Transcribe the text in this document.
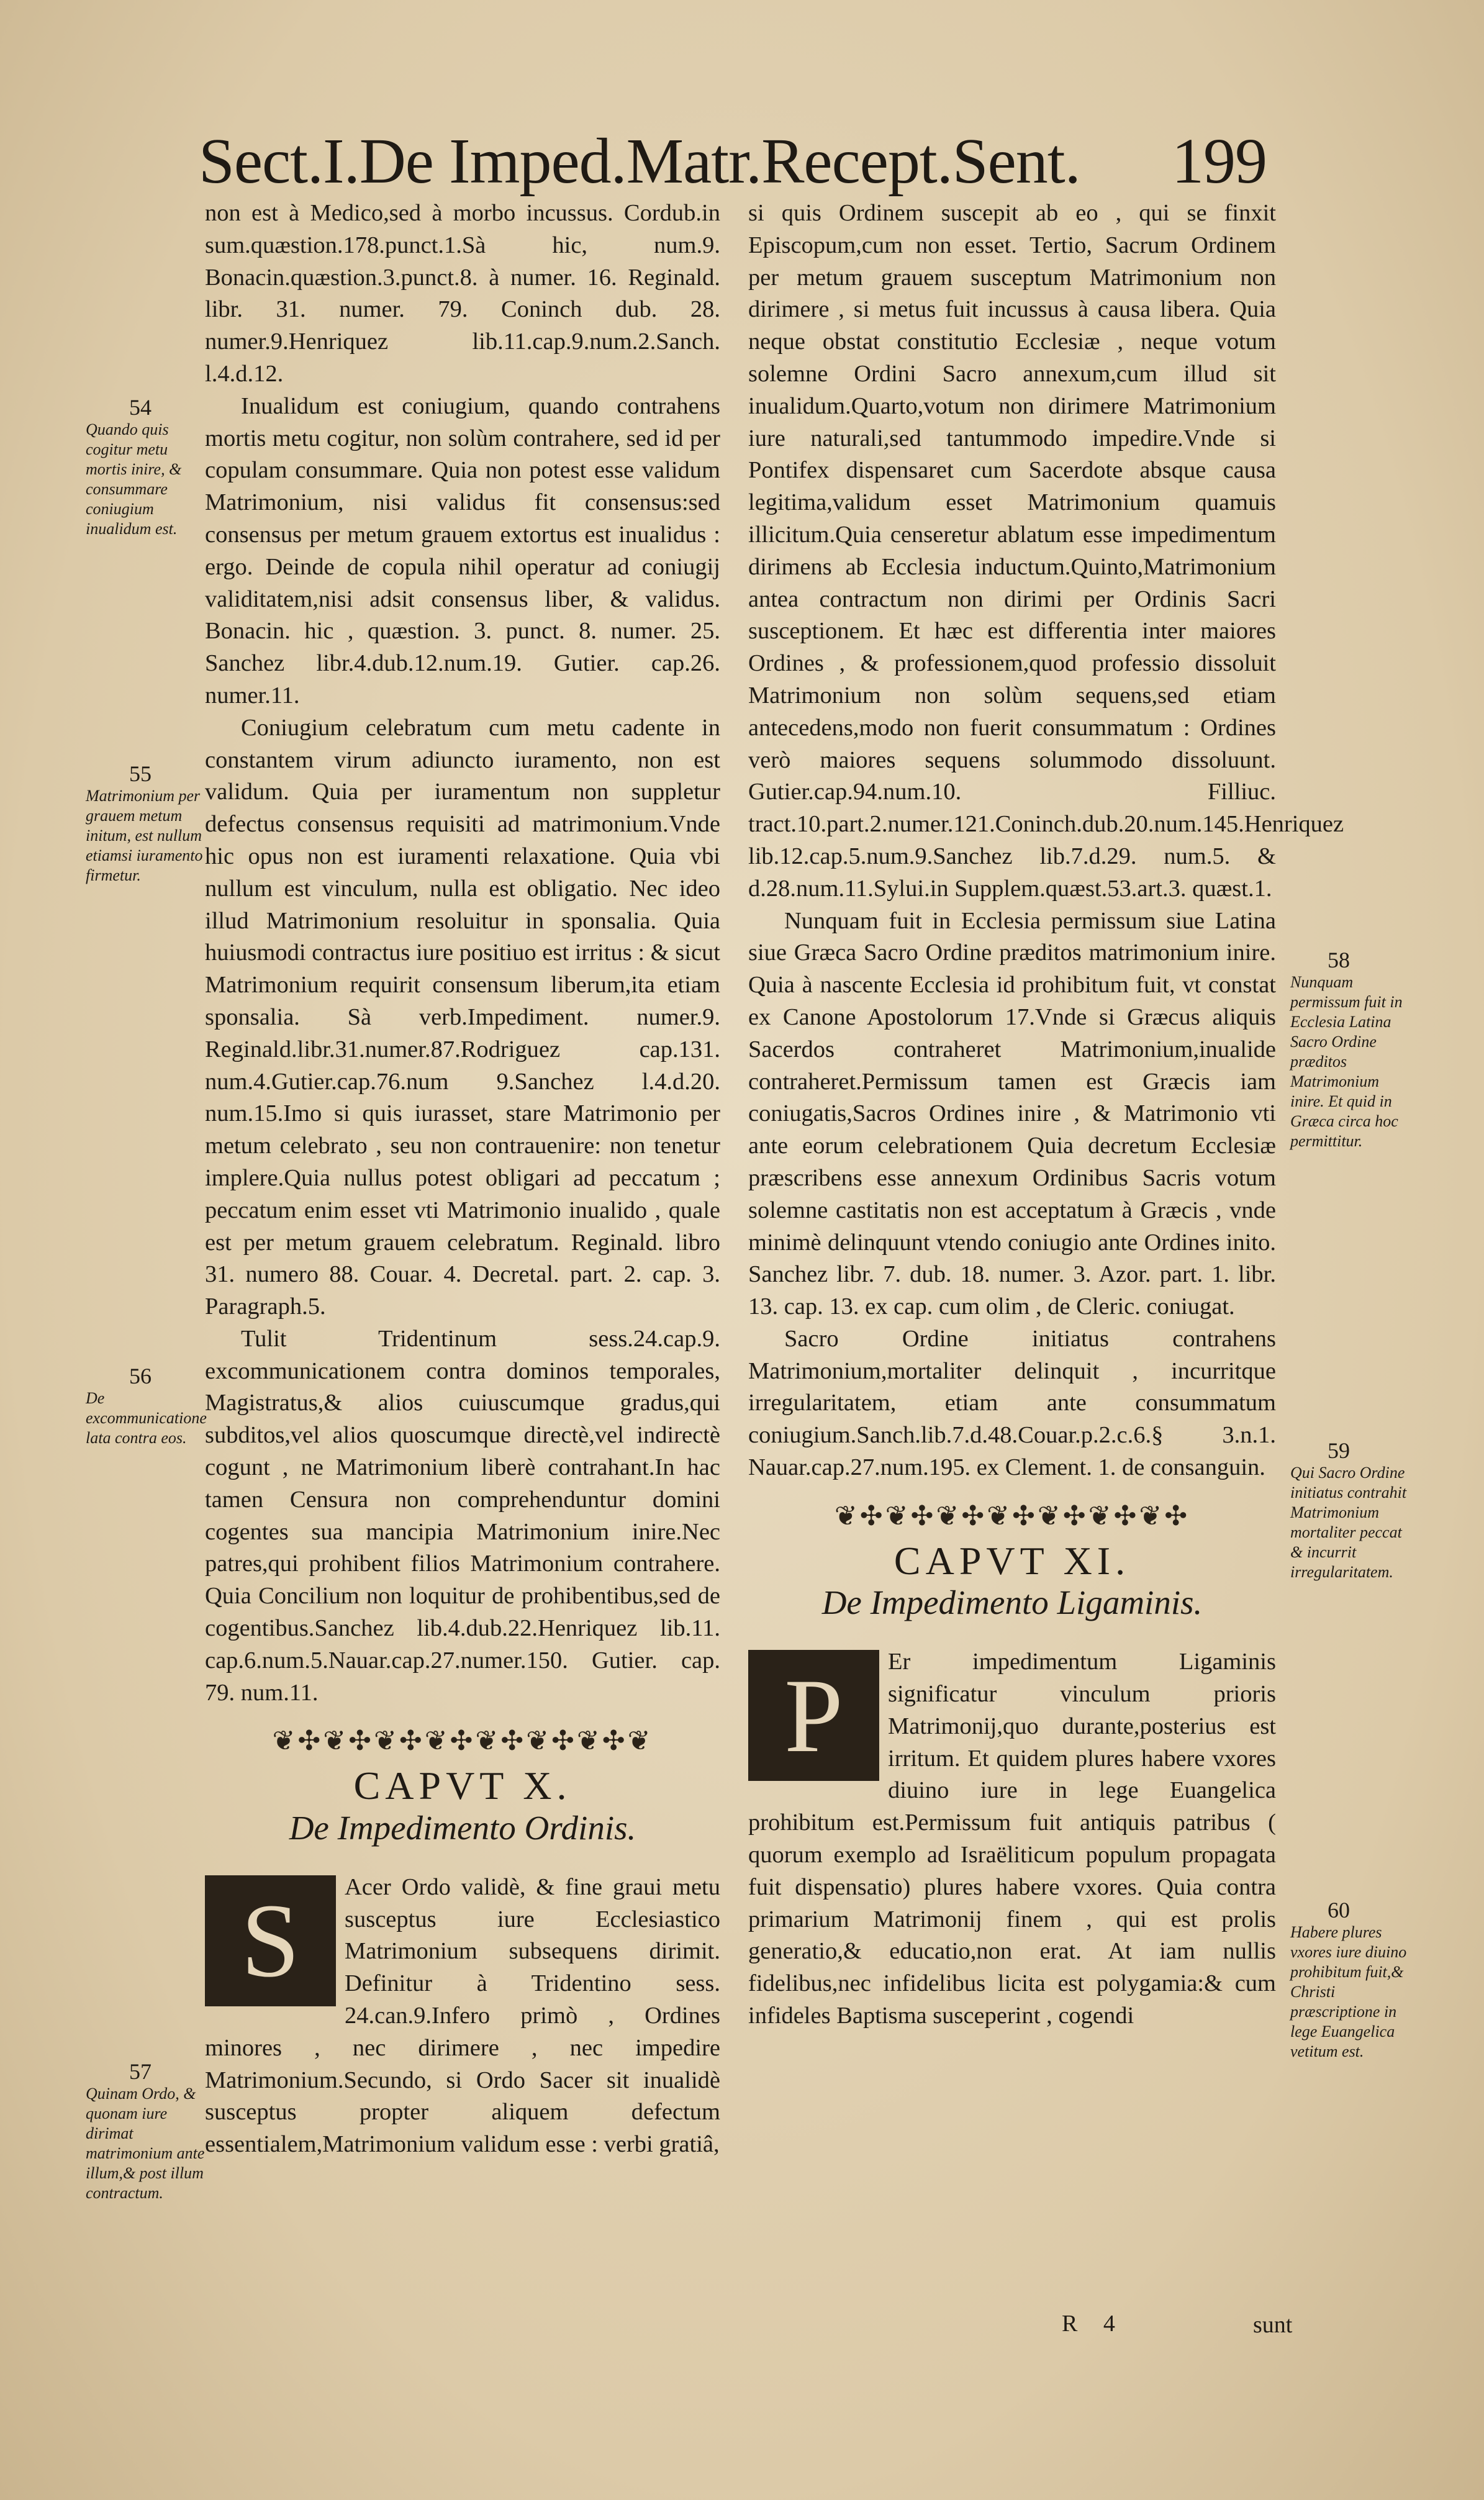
Sect.I.De Imped.Matr.Recept.Sent. 199

non est à Medico,sed à morbo incussus. Cordub.in sum.quæstion.178.punct.1.Sà hic, num.9. Bonacin.quæstion.3.punct.8. à numer. 16. Reginald. libr. 31. numer. 79. Coninch dub. 28. numer.9.Henriquez lib.11.cap.9.num.2.Sanch. l.4.d.12.

Inualidum est coniugium, quando contrahens mortis metu cogitur, non solùm contrahere, sed id per copulam consummare. Quia non potest esse validum Matrimonium, nisi validus fit consensus:sed consensus per metum grauem extortus est inualidus : ergo. Deinde de copula nihil operatur ad coniugij validitatem,nisi adsit consensus liber, & validus. Bonacin. hic , quæstion. 3. punct. 8. numer. 25. Sanchez libr.4.dub.12.num.19. Gutier. cap.26. numer.11.

Coniugium celebratum cum metu cadente in constantem virum adiuncto iuramento, non est validum. Quia per iuramentum non suppletur defectus consensus requisiti ad matrimonium.Vnde hic opus non est iuramenti relaxatione. Quia vbi nullum est vinculum, nulla est obligatio. Nec ideo illud Matrimonium resoluitur in sponsalia. Quia huiusmodi contractus iure positiuo est irritus : & sicut Matrimonium requirit consensum liberum,ita etiam sponsalia. Sà verb.Impediment. numer.9. Reginald.libr.31.numer.87.Rodriguez cap.131. num.4.Gutier.cap.76.num 9.Sanchez l.4.d.20. num.15.Imo si quis iurasset, stare Matrimonio per metum celebrato , seu non contrauenire: non tenetur implere.Quia nullus potest obligari ad peccatum ; peccatum enim esset vti Matrimonio inualido , quale est per metum grauem celebratum. Reginald. libro 31. numero 88. Couar. 4. Decretal. part. 2. cap. 3. Paragraph.5.

Tulit Tridentinum sess.24.cap.9. excommunicationem contra dominos temporales, Magistratus,& alios cuiuscumque gradus,qui subditos,vel alios quoscumque directè,vel indirectè cogunt , ne Matrimonium liberè contrahant.In hac tamen Censura non comprehenduntur domini cogentes sua mancipia Matrimonium inire.Nec patres,qui prohibent filios Matrimonium contrahere. Quia Concilium non loquitur de prohibentibus,sed de cogentibus.Sanchez lib.4.dub.22.Henriquez lib.11. cap.6.num.5.Nauar.cap.27.numer.150. Gutier. cap. 79. num.11.

❦✣❦✣❦✣❦✣❦✣❦✣❦✣❦
CAPVT X.
De Impedimento Ordinis.

S	Acer Ordo validè, & fine graui metu susceptus iure Ecclesiastico Matrimonium subsequens dirimit. Definitur à Tridentino sess. 24.can.9.Infero primò , Ordines minores , nec dirimere , nec impedire Matrimonium.Secundo, si Ordo Sacer sit inualidè susceptus propter aliquem defectum essentialem,Matrimonium validum esse : verbi gratiâ,

si quis Ordinem suscepit ab eo , qui se finxit Episcopum,cum non esset. Tertio, Sacrum Ordinem per metum grauem susceptum Matrimonium non dirimere , si metus fuit incussus à causa libera. Quia neque obstat constitutio Ecclesiæ , neque votum solemne Ordini Sacro annexum,cum illud sit inualidum.Quarto,votum non dirimere Matrimonium iure naturali,sed tantummodo impedire.Vnde si Pontifex dispensaret cum Sacerdote absque causa legitima,validum esset Matrimonium quamuis illicitum.Quia censeretur ablatum esse impedimentum dirimens ab Ecclesia inductum.Quinto,Matrimonium antea contractum non dirimi per Ordinis Sacri susceptionem. Et hæc est differentia inter maiores Ordines , & professionem,quod professio dissoluit Matrimonium non solùm sequens,sed etiam antecedens,modo non fuerit consummatum : Ordines verò maiores sequens solummodo dissoluunt. Gutier.cap.94.num.10. Filliuc. tract.10.part.2.numer.121.Coninch.dub.20.num.145.Henriquez lib.12.cap.5.num.9.Sanchez lib.7.d.29. num.5. & d.28.num.11.Sylui.in Supplem.quæst.53.art.3. quæst.1.

Nunquam fuit in Ecclesia permissum siue Latina siue Græca Sacro Ordine præditos matrimonium inire. Quia à nascente Ecclesia id prohibitum fuit, vt constat ex Canone Apostolorum 17.Vnde si Græcus aliquis Sacerdos contraheret Matrimonium,inualide contraheret.Permissum tamen est Græcis iam coniugatis,Sacros Ordines inire , & Matrimonio vti ante eorum celebrationem Quia decretum Ecclesiæ præscribens esse annexum Ordinibus Sacris votum solemne castitatis non est acceptatum à Græcis , vnde minimè delinquunt vtendo coniugio ante Ordines inito. Sanchez libr. 7. dub. 18. numer. 3. Azor. part. 1. libr. 13. cap. 13. ex cap. cum olim , de Cleric. coniugat.

Sacro Ordine initiatus contrahens Matrimonium,mortaliter delinquit , incurritque irregularitatem, etiam ante consummatum coniugium.Sanch.lib.7.d.48.Couar.p.2.c.6.§ 3.n.1. Nauar.cap.27.num.195. ex Clement. 1. de consanguin.

❦✣❦✣❦✣❦✣❦✣❦✣❦✣
CAPVT XI.
De Impedimento Ligaminis.

P	Er impedimentum Ligaminis significatur vinculum prioris Matrimonij,quo durante,posterius est irritum. Et quidem plures habere vxores diuino iure in lege Euangelica prohibitum est.Permissum fuit antiquis patribus ( quorum exemplo ad Israëliticum populum propagata fuit dispensatio) plures habere vxores. Quia contra primarium Matrimonij finem , qui est prolis generatio,& educatio,non erat. At iam nullis fidelibus,nec infidelibus licita est polygamia:& cum infideles Baptisma susceperint , cogendi

54
Quando quis cogitur metu mortis inire, & consummare coniugium inualidum est.
55
Matrimonium per grauem metum initum, est nullum etiamsi iuramento firmetur.
56
De excommunicatione lata contra eos.
57
Quinam Ordo, & quonam iure dirimat matrimonium ante illum,& post illum contractum.
58
Nunquam permissum fuit in Ecclesia Latina Sacro Ordine præditos Matrimonium inire. Et quid in Græca circa hoc permittitur.
59
Qui Sacro Ordine initiatus contrahit Matrimonium mortaliter peccat & incurrit irregularitatem.
60
Habere plures vxores iure diuino prohibitum fuit,& Christi præscriptione in lege Euangelica vetitum est.
R 4	sunt
